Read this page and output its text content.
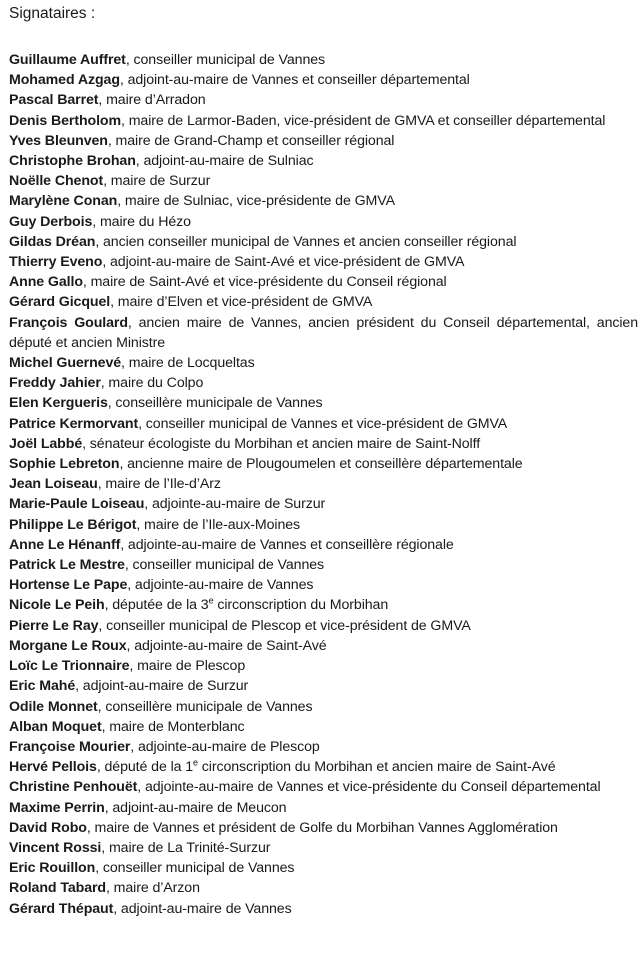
Signataires :
Guillaume Auffret, conseiller municipal de Vannes
Mohamed Azgag, adjoint-au-maire de Vannes et conseiller départemental
Pascal Barret, maire d’Arradon
Denis Bertholom, maire de Larmor-Baden, vice-président de GMVA et conseiller départemental
Yves Bleunven, maire de Grand-Champ et conseiller régional
Christophe Brohan, adjoint-au-maire de Sulniac
Noëlle Chenot, maire de Surzur
Marylène Conan, maire de Sulniac, vice-présidente de GMVA
Guy Derbois, maire du Hézo
Gildas Dréan, ancien conseiller municipal de Vannes et ancien conseiller régional
Thierry Eveno, adjoint-au-maire de Saint-Avé et vice-président de GMVA
Anne Gallo, maire de Saint-Avé et vice-présidente du Conseil régional
Gérard Gicquel, maire d’Elven et vice-président de GMVA
François Goulard, ancien maire de Vannes, ancien président du Conseil départemental, ancien député et ancien Ministre
Michel Guernevé, maire de Locqueltas
Freddy Jahier, maire du Colpo
Elen Kergueris, conseillère municipale de Vannes
Patrice Kermorvant, conseiller municipal de Vannes et vice-président de GMVA
Joël Labbé, sénateur écologiste du Morbihan et ancien maire de Saint-Nolff
Sophie Lebreton, ancienne maire de Plougoumelen et conseillère départementale
Jean Loiseau, maire de l’Ile-d’Arz
Marie-Paule Loiseau, adjointe-au-maire de Surzur
Philippe Le Bérigot, maire de l’Ile-aux-Moines
Anne Le Hénanff, adjointe-au-maire de Vannes et conseillère régionale
Patrick Le Mestre, conseiller municipal de Vannes
Hortense Le Pape, adjointe-au-maire de Vannes
Nicole Le Peih, députée de la 3e circonscription du Morbihan
Pierre Le Ray, conseiller municipal de Plescop et vice-président de GMVA
Morgane Le Roux, adjointe-au-maire de Saint-Avé
Loïc Le Trionnaire, maire de Plescop
Eric Mahé, adjoint-au-maire de Surzur
Odile Monnet, conseillère municipale de Vannes
Alban Moquet, maire de Monterblanc
Françoise Mourier, adjointe-au-maire de Plescop
Hervé Pellois, député de la 1e circonscription du Morbihan et ancien maire de Saint-Avé
Christine Penhouët, adjointe-au-maire de Vannes et vice-présidente du Conseil départemental
Maxime Perrin, adjoint-au-maire de Meucon
David Robo, maire de Vannes et président de Golfe du Morbihan Vannes Agglomération
Vincent Rossi, maire de La Trinité-Surzur
Eric Rouillon, conseiller municipal de Vannes
Roland Tabard, maire d’Arzon
Gérard Thépaut, adjoint-au-maire de Vannes
